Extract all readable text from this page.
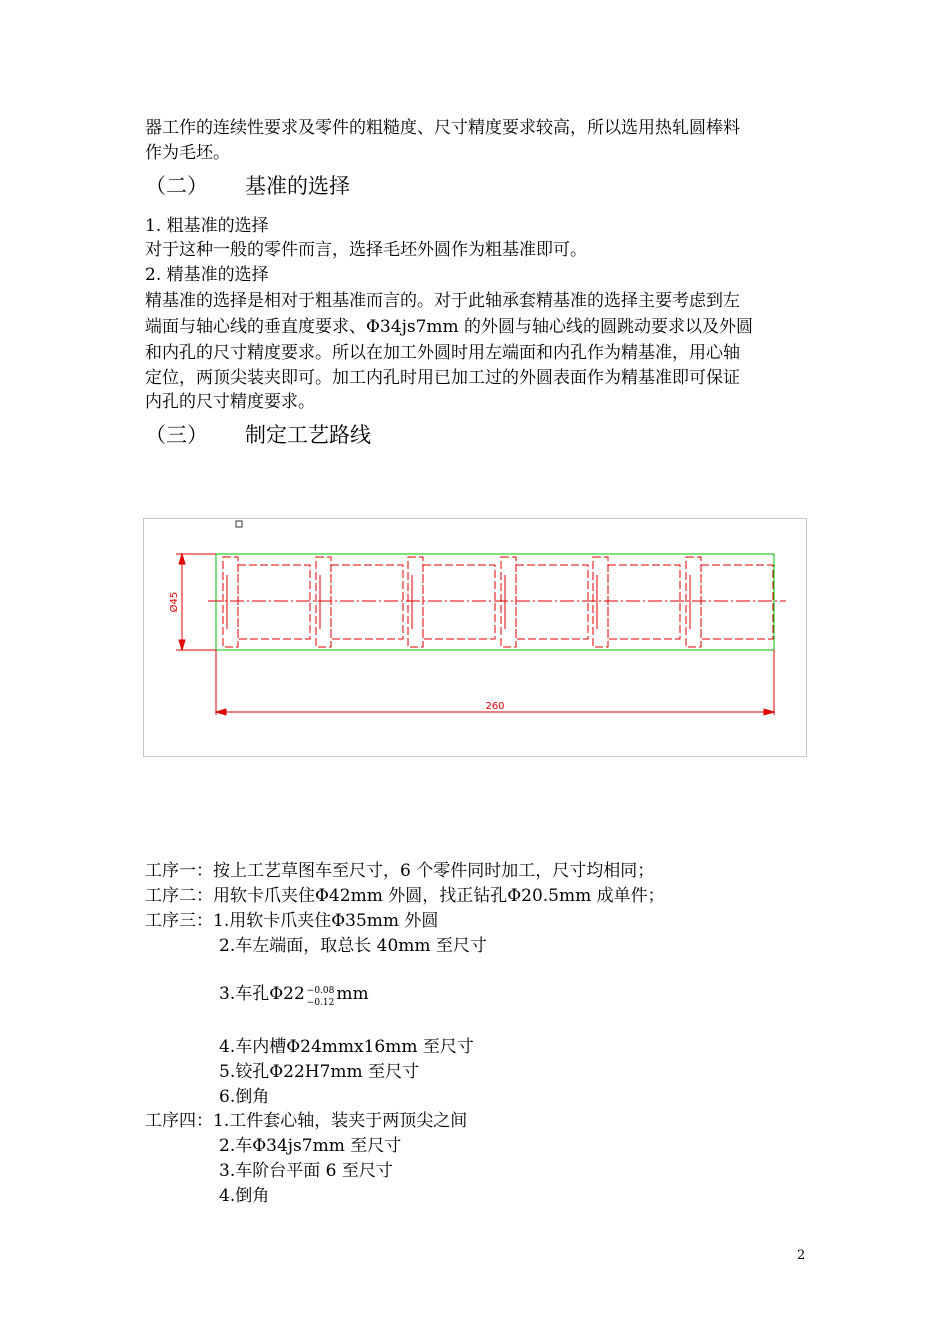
器工作的连续性要求及零件的粗糙度、尺寸精度要求较高，所以选用热轧圆棒料
作为毛坯。
（二） 基准的选择
1. 粗基准的选择
对于这种一般的零件而言，选择毛坯外圆作为粗基准即可。
2. 精基准的选择
精基准的选择是相对于粗基准而言的。对于此轴承套精基准的选择主要考虑到左
端面与轴心线的垂直度要求、Φ34js7mm 的外圆与轴心线的圆跳动要求以及外圆
和内孔的尺寸精度要求。所以在加工外圆时用左端面和内孔作为精基准，用心轴
定位，两顶尖装夹即可。加工内孔时用已加工过的外圆表面作为精基准即可保证
内孔的尺寸精度要求。
（三） 制定工艺路线
Ø45
260
工序一：按上工艺草图车至尺寸，6 个零件同时加工，尺寸均相同；
工序二：用软卡爪夹住Φ42mm 外圆，找正钻孔Φ20.5mm 成单件；
工序三：1.用软卡爪夹住Φ35mm 外圆
2.车左端面，取总长 40mm 至尺寸
3.车孔Φ22 −0.08
−0.12 mm
4.车内槽Φ24mmx16mm 至尺寸
5.铰孔Φ22H7mm 至尺寸
6.倒角
工序四：1.工件套心轴，装夹于两顶尖之间
2.车Φ34js7mm 至尺寸
3.车阶台平面 6 至尺寸
4.倒角
2
